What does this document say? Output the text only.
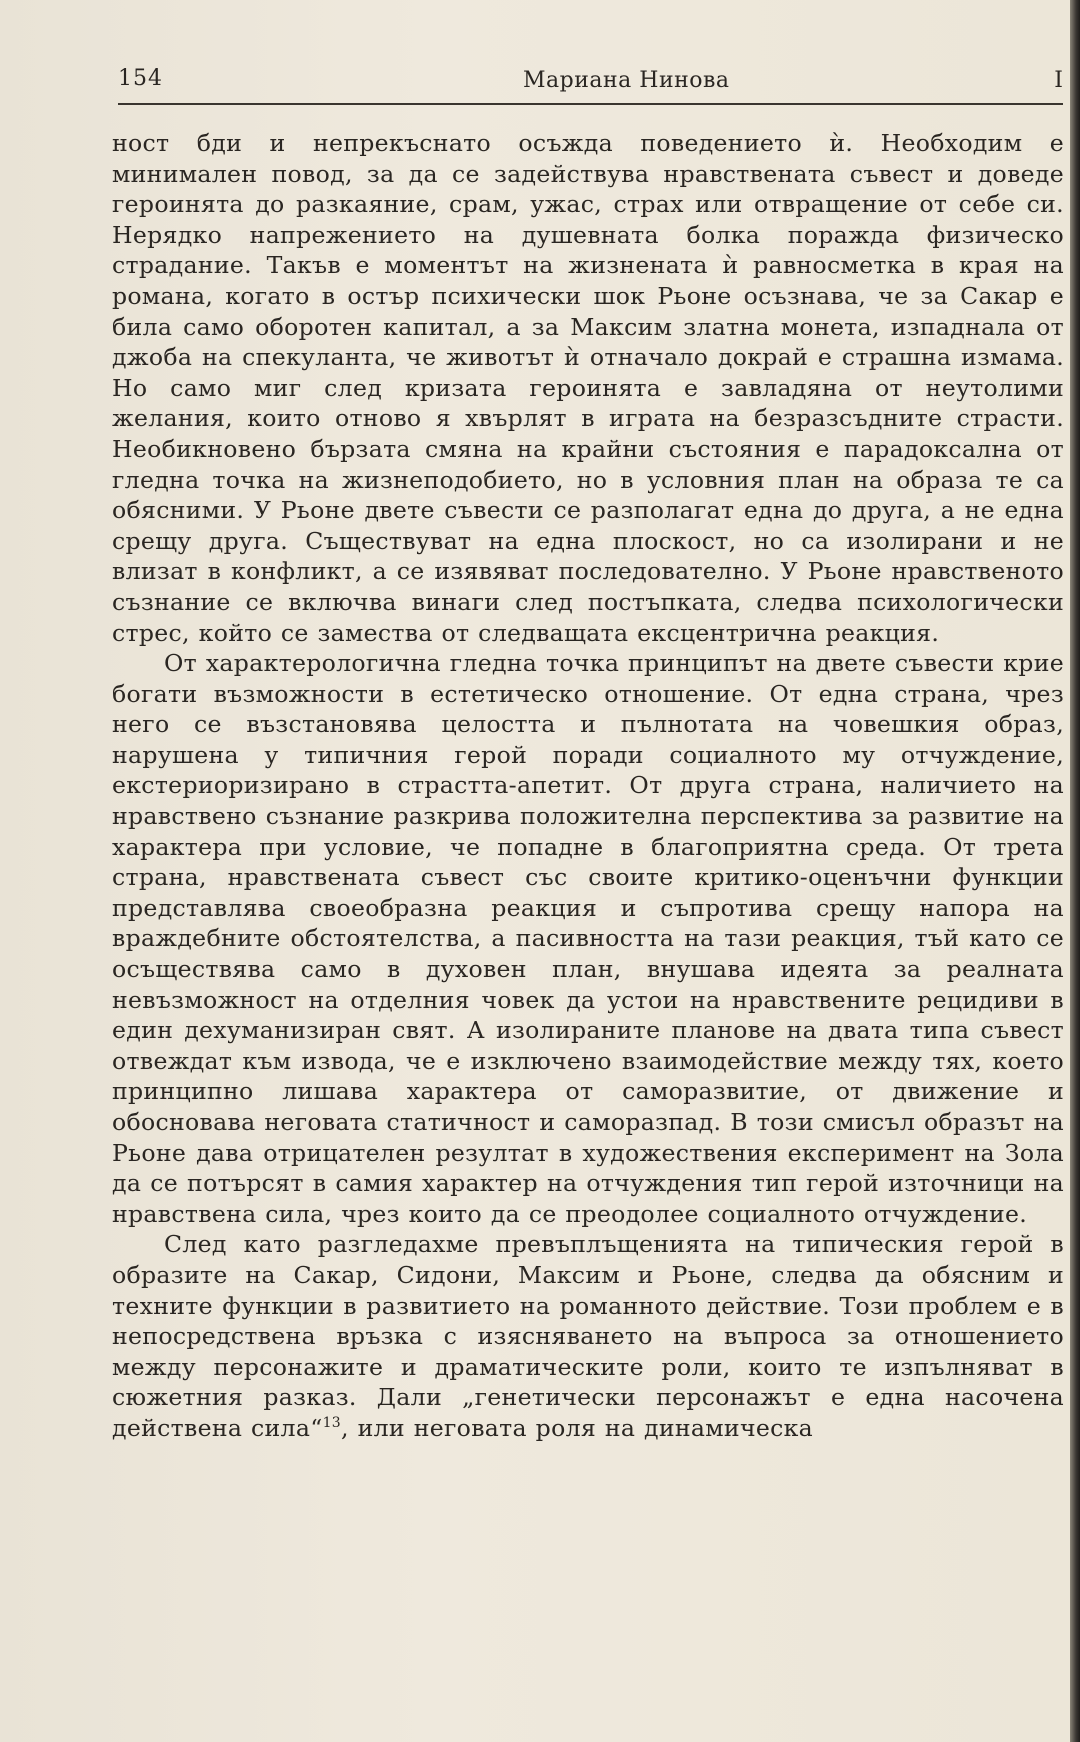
154	Мариана Нинова	I

ност бди и непрекъснато осъжда поведението ѝ. Необходим е минимален повод, за да се задействува нравствената съвест и доведе героинята до разкаяние, срам, ужас, страх или отвращение от себе си. Нерядко напрежението на душевната болка поражда физическо страдание. Такъв е моментът на жизнената ѝ равносметка в края на романа, когато в остър психически шок Рьоне осъзнава, че за Сакар е била само оборотен капитал, а за Максим златна монета, изпаднала от джоба на спекуланта, че животът ѝ отначало докрай е страшна измама. Но само миг след кризата героинята е завладяна от неутолими желания, които отново я хвърлят в играта на безразсъдните страсти. Необикновено бързата смяна на крайни състояния е парадоксална от гледна точка на жизнеподобието, но в условния план на образа те са обясними. У Рьоне двете съвести се разполагат една до друга, а не една срещу друга. Съществуват на една плоскост, но са изолирани и не влизат в конфликт, а се изявяват последователно. У Рьоне нравственото съзнание се включва винаги след постъпката, следва психологически стрес, който се замества от следващата ексцентрична реакция.

От характерологична гледна точка принципът на двете съвести крие богати възможности в естетическо отношение. От една страна, чрез него се възстановява целостта и пълнотата на човешкия образ, нарушена у типичния герой поради социалното му отчуждение, екстериоризирано в страстта-апетит. От друга страна, наличието на нравствено съзнание разкрива положителна перспектива за развитие на характера при условие, че попадне в благоприятна среда. От трета страна, нравствената съвест със своите критико-оценъчни функции представлява своеобразна реакция и съпротива срещу напора на враждебните обстоятелства, а пасивността на тази реакция, тъй като се осъществява само в духовен план, внушава идеята за реалната невъзможност на отделния човек да устои на нравствените рецидиви в един дехуманизиран свят. А изолираните планове на двата типа съвест отвеждат към извода, че е изключено взаимодействие между тях, което принципно лишава характера от саморазвитие, от движение и обосновава неговата статичност и саморазпад. В този смисъл образът на Рьоне дава отрицателен резултат в художествения експеримент на Зола да се потърсят в самия характер на отчуждения тип герой източници на нравствена сила, чрез които да се преодолее социалното отчуждение.

След като разгледахме превъплъщенията на типическия герой в образите на Сакар, Сидони, Максим и Рьоне, следва да обясним и техните функции в развитието на романното действие. Този проблем е в непосредствена връзка с изясняването на въпроса за отношението между персонажите и драматическите роли, които те изпълняват в сюжетния разказ. Дали „генетически персонажът е една насочена действена сила“$^{13}$, или неговата роля на динамическа
